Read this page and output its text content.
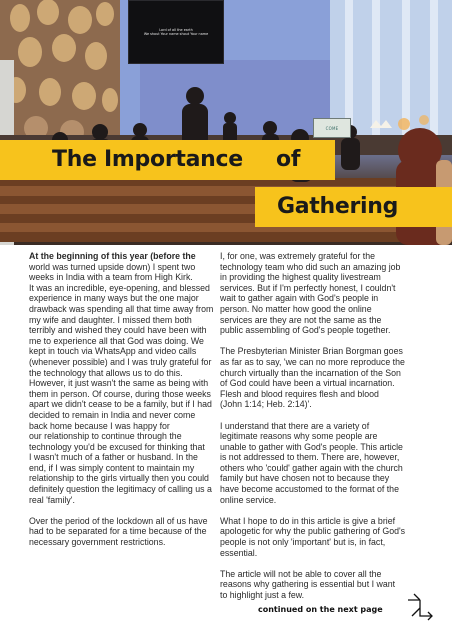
Lord of all the earth
We shout Your name shout Your name
COME
The Importance of
Gathering

At the beginning of this year (before the
world was turned upside down) I spent two
weeks in India with a team from High Kirk.
It was an incredible, eye-opening, and blessed
experience in many ways but the one major
drawback was spending all that time away from
my wife and daughter. I missed them both
terribly and wished they could have been with
me to experience all that God was doing. We
kept in touch via WhatsApp and video calls
(whenever possible) and I was truly grateful for
the technology that allows us to do this.
However, it just wasn't the same as being with
them in person. Of course, during those weeks
apart we didn't cease to be a family, but if I had
decided to remain in India and never come
back home because I was happy for
our relationship to continue through the
technology you'd be excused for thinking that
I wasn't much of a father or husband. In the
end, if I was simply content to maintain my
relationship to the girls virtually then you could
definitely question the legitimacy of calling us a
real 'family'.

Over the period of the lockdown all of us have
had to be separated for a time because of the
necessary government restrictions.

I, for one, was extremely grateful for the
technology team who did such an amazing job
in providing the highest quality livestream
services. But if I'm perfectly honest, I couldn't
wait to gather again with God's people in
person. No matter how good the online
services are they are not the same as the
public assembling of God's people together.

The Presbyterian Minister Brian Borgman goes
as far as to say, 'we can no more reproduce the
church virtually than the incarnation of the Son
of God could have been a virtual incarnation.
Flesh and blood requires flesh and blood
(John 1:14; Heb. 2:14)'.

I understand that there are a variety of
legitimate reasons why some people are
unable to gather with God's people. This article
is not addressed to them. There are, however,
others who 'could' gather again with the church
family but have chosen not to because they
have become accustomed to the format of the
online service.

What I hope to do in this article is give a brief
apologetic for why the public gathering of God's
people is not only 'important' but is, in fact,
essential.

The article will not be able to cover all the
reasons why gathering is essential but I want
to highlight just a few.

continued on the next page
